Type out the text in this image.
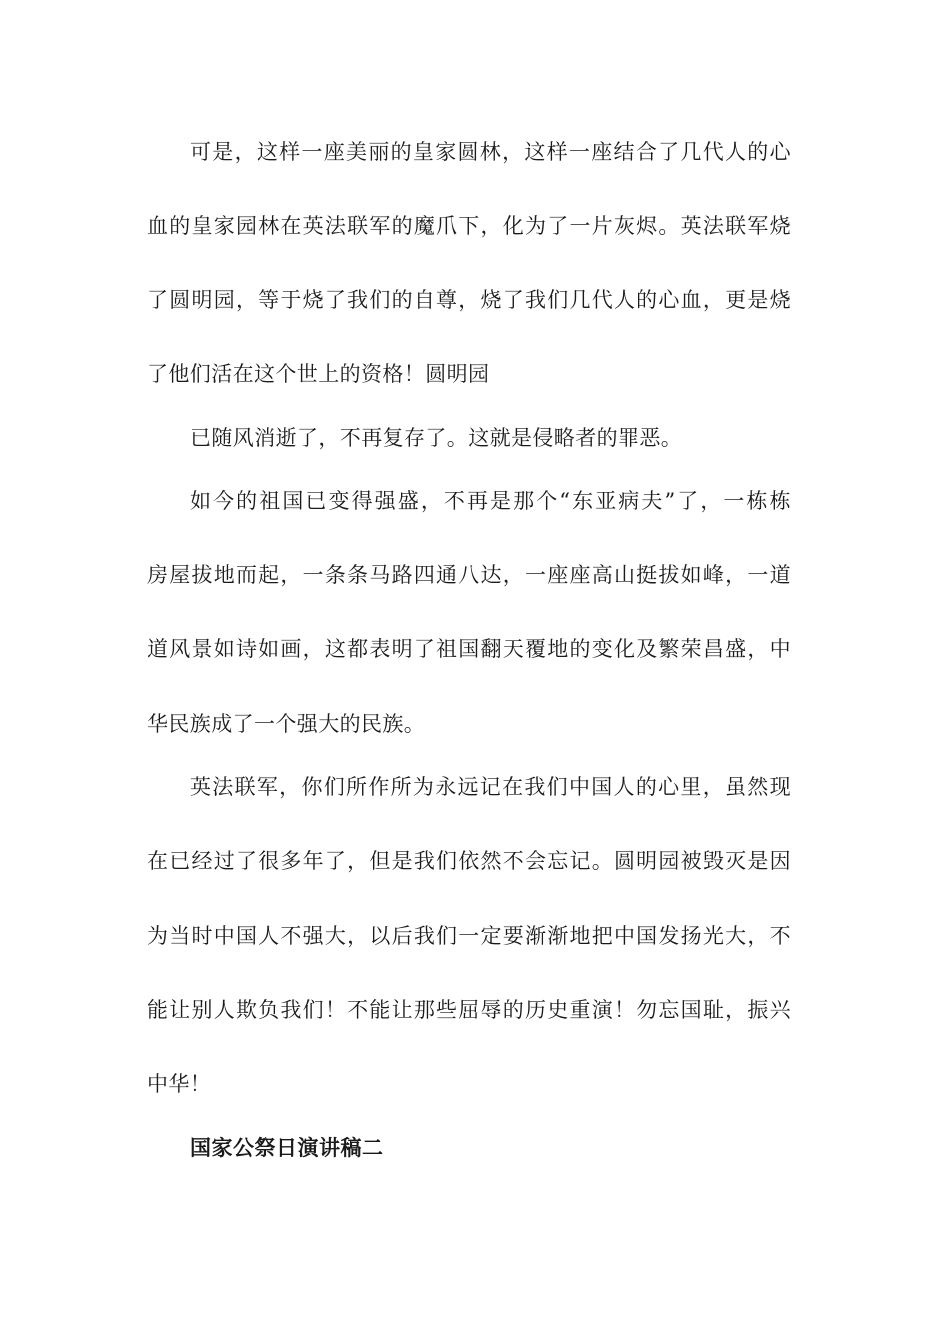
可是，这样一座美丽的皇家圆林，这样一座结合了几代人的心
血的皇家园林在英法联军的魔爪下，化为了一片灰烬。英法联军烧
了圆明园，等于烧了我们的自尊，烧了我们几代人的心血，更是烧
了他们活在这个世上的资格！圆明园
已随风消逝了，不再复存了。这就是侵略者的罪恶。
如今的祖国已变得强盛，不再是那个“东亚病夫”了，一栋栋
房屋拔地而起，一条条马路四通八达，一座座高山挺拔如峰，一道
道风景如诗如画，这都表明了祖国翻天覆地的变化及繁荣昌盛，中
华民族成了一个强大的民族。
英法联军，你们所作所为永远记在我们中国人的心里，虽然现
在已经过了很多年了，但是我们依然不会忘记。圆明园被毁灭是因
为当时中国人不强大，以后我们一定要渐渐地把中国发扬光大，不
能让别人欺负我们！不能让那些屈辱的历史重演！勿忘国耻，振兴
中华！
国家公祭日演讲稿二
